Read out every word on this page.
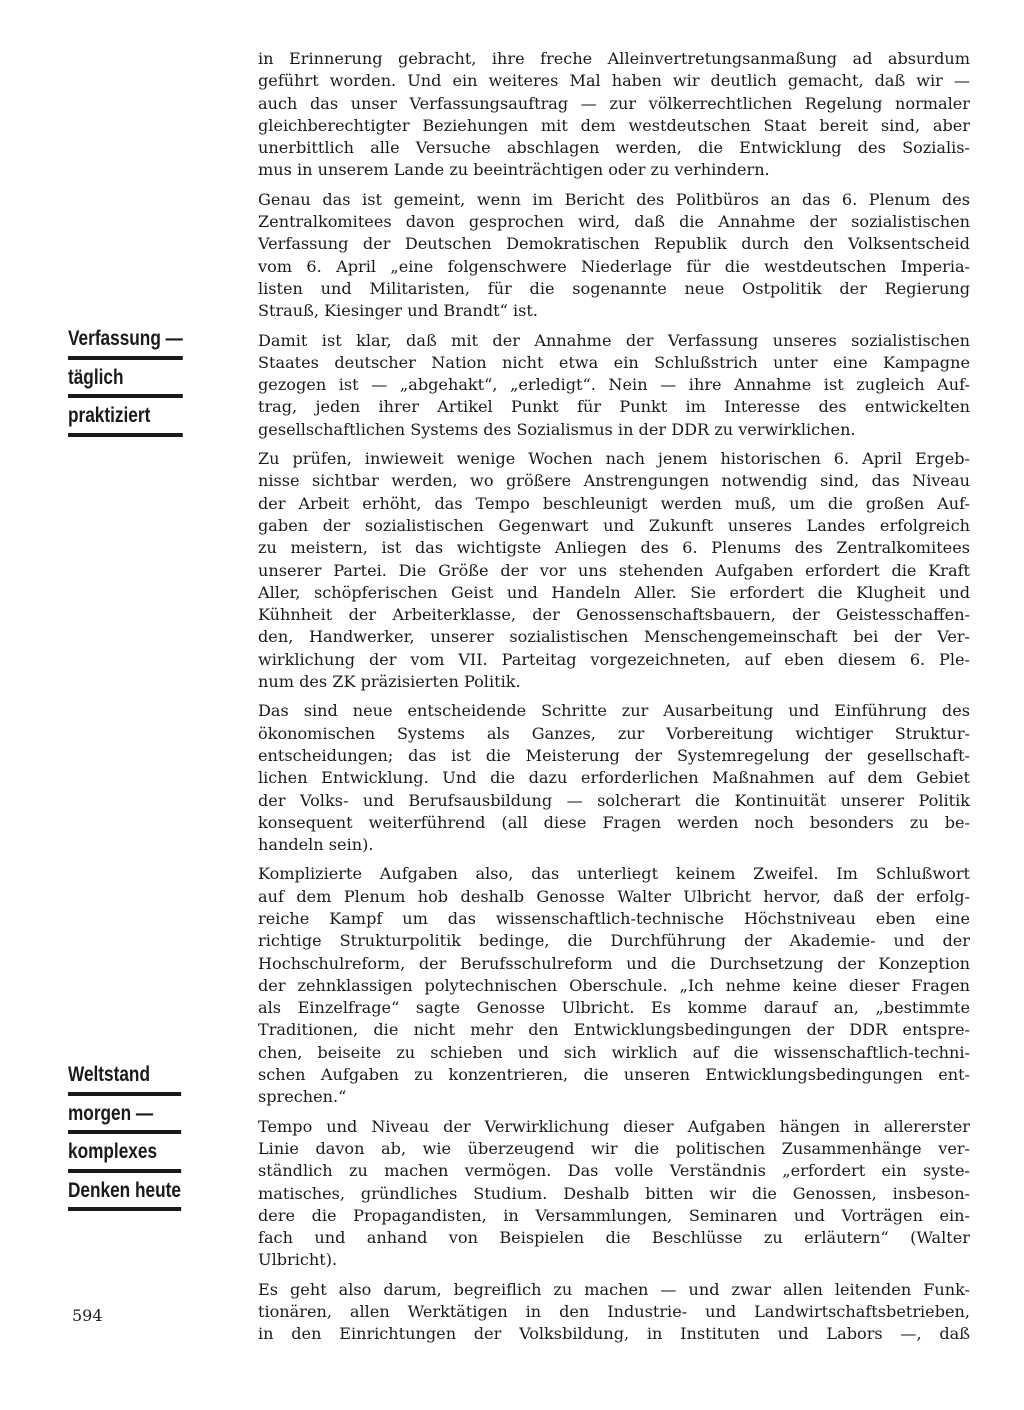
Verfassung —
täglich
praktiziert
Weltstand
morgen —
komplexes
Denken heute
in Erinnerung gebracht, ihre freche Alleinvertretungsanmaßung ad absurdum
geführt worden. Und ein weiteres Mal haben wir deutlich gemacht, daß wir —
auch das unser Verfassungsauftrag — zur völkerrechtlichen Regelung normaler
gleichberechtigter Beziehungen mit dem westdeutschen Staat bereit sind, aber
unerbittlich alle Versuche abschlagen werden, die Entwicklung des Sozialis-
mus in unserem Lande zu beeinträchtigen oder zu verhindern.
Genau das ist gemeint, wenn im Bericht des Politbüros an das 6. Plenum des
Zentralkomitees davon gesprochen wird, daß die Annahme der sozialistischen
Verfassung der Deutschen Demokratischen Republik durch den Volksentscheid
vom 6. April „eine folgenschwere Niederlage für die westdeutschen Imperia-
listen und Militaristen, für die sogenannte neue Ostpolitik der Regierung
Strauß, Kiesinger und Brandt“ ist.
Damit ist klar, daß mit der Annahme der Verfassung unseres sozialistischen
Staates deutscher Nation nicht etwa ein Schlußstrich unter eine Kampagne
gezogen ist — „abgehakt“, „erledigt“. Nein — ihre Annahme ist zugleich Auf-
trag, jeden ihrer Artikel Punkt für Punkt im Interesse des entwickelten
gesellschaftlichen Systems des Sozialismus in der DDR zu verwirklichen.
Zu prüfen, inwieweit wenige Wochen nach jenem historischen 6. April Ergeb-
nisse sichtbar werden, wo größere Anstrengungen notwendig sind, das Niveau
der Arbeit erhöht, das Tempo beschleunigt werden muß, um die großen Auf-
gaben der sozialistischen Gegenwart und Zukunft unseres Landes erfolgreich
zu meistern, ist das wichtigste Anliegen des 6. Plenums des Zentralkomitees
unserer Partei. Die Größe der vor uns stehenden Aufgaben erfordert die Kraft
Aller, schöpferischen Geist und Handeln Aller. Sie erfordert die Klugheit und
Kühnheit der Arbeiterklasse, der Genossenschaftsbauern, der Geistesschaffen-
den, Handwerker, unserer sozialistischen Menschengemeinschaft bei der Ver-
wirklichung der vom VII. Parteitag vorgezeichneten, auf eben diesem 6. Ple-
num des ZK präzisierten Politik.
Das sind neue entscheidende Schritte zur Ausarbeitung und Einführung des
ökonomischen Systems als Ganzes, zur Vorbereitung wichtiger Struktur-
entscheidungen; das ist die Meisterung der Systemregelung der gesellschaft-
lichen Entwicklung. Und die dazu erforderlichen Maßnahmen auf dem Gebiet
der Volks- und Berufsausbildung — solcherart die Kontinuität unserer Politik
konsequent weiterführend (all diese Fragen werden noch besonders zu be-
handeln sein).
Komplizierte Aufgaben also, das unterliegt keinem Zweifel. Im Schlußwort
auf dem Plenum hob deshalb Genosse Walter Ulbricht hervor, daß der erfolg-
reiche Kampf um das wissenschaftlich-technische Höchstniveau eben eine
richtige Strukturpolitik bedinge, die Durchführung der Akademie- und der
Hochschulreform, der Berufsschulreform und die Durchsetzung der Konzeption
der zehnklassigen polytechnischen Oberschule. „Ich nehme keine dieser Fragen
als Einzelfrage“ sagte Genosse Ulbricht. Es komme darauf an, „bestimmte
Traditionen, die nicht mehr den Entwicklungsbedingungen der DDR entspre-
chen, beiseite zu schieben und sich wirklich auf die wissenschaftlich-techni-
schen Aufgaben zu konzentrieren, die unseren Entwicklungsbedingungen ent-
sprechen.“
Tempo und Niveau der Verwirklichung dieser Aufgaben hängen in allererster
Linie davon ab, wie überzeugend wir die politischen Zusammenhänge ver-
ständlich zu machen vermögen. Das volle Verständnis „erfordert ein syste-
matisches, gründliches Studium. Deshalb bitten wir die Genossen, insbeson-
dere die Propagandisten, in Versammlungen, Seminaren und Vorträgen ein-
fach und anhand von Beispielen die Beschlüsse zu erläutern“ (Walter
Ulbricht).
Es geht also darum, begreiflich zu machen — und zwar allen leitenden Funk-
tionären, allen Werktätigen in den Industrie- und Landwirtschaftsbetrieben,
in den Einrichtungen der Volksbildung, in Instituten und Labors —, daß
594
